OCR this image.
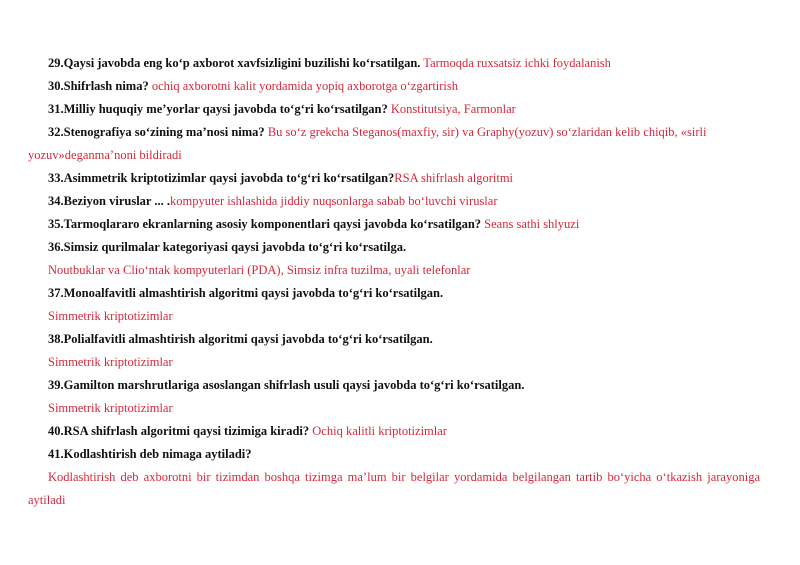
29.Qaysi javobda eng ko‘p axborot xavfsizligini buzilishi ko‘rsatilgan. Tarmoqda ruxsatsiz ichki foydalanish

30.Shifrlash nima? ochiq axborotni kalit yordamida yopiq axborotga o‘zgartirish

31.Milliy huquqiy me’yorlar qaysi javobda to‘g‘ri ko‘rsatilgan? Konstitutsiya, Farmonlar

32.Stenografiya so‘zining ma’nosi nima? Bu so‘z grekcha Steganos(maxfiy, sir) va Graphy(yozuv) so‘zlaridan kelib chiqib, «sirli yozuv»deganma’noni bildiradi

33.Asimmetrik kriptotizimlar qaysi javobda to‘g‘ri ko‘rsatilgan?RSA shifrlash algoritmi

34.Beziyon viruslar ... .kompyuter ishlashida jiddiy nuqsonlarga sabab bo‘luvchi viruslar

35.Tarmoqlararo ekranlarning asosiy komponentlari qaysi javobda ko‘rsatilgan? Seans sathi shlyuzi

36.Simsiz qurilmalar kategoriyasi qaysi javobda to‘g‘ri ko‘rsatilga.

Noutbuklar va Clio‘ntak kompyuterlari (PDA), Simsiz infra tuzilma, uyali telefonlar

37.Monoalfavitli almashtirish algoritmi qaysi javobda to‘g‘ri ko‘rsatilgan.

Simmetrik kriptotizimlar

38.Polialfavitli almashtirish algoritmi qaysi javobda to‘g‘ri ko‘rsatilgan.

Simmetrik kriptotizimlar

39.Gamilton marshrutlariga asoslangan shifrlash usuli qaysi javobda to‘g‘ri ko‘rsatilgan.

Simmetrik kriptotizimlar

40.RSA shifrlash algoritmi qaysi tizimiga kiradi? Ochiq kalitli kriptotizimlar

41.Kodlashtirish deb nimaga aytiladi?

Kodlashtirish deb axborotni bir tizimdan boshqa tizimga ma’lum bir belgilar yordamida belgilangan tartib bo‘yicha o‘tkazish jarayoniga aytiladi
